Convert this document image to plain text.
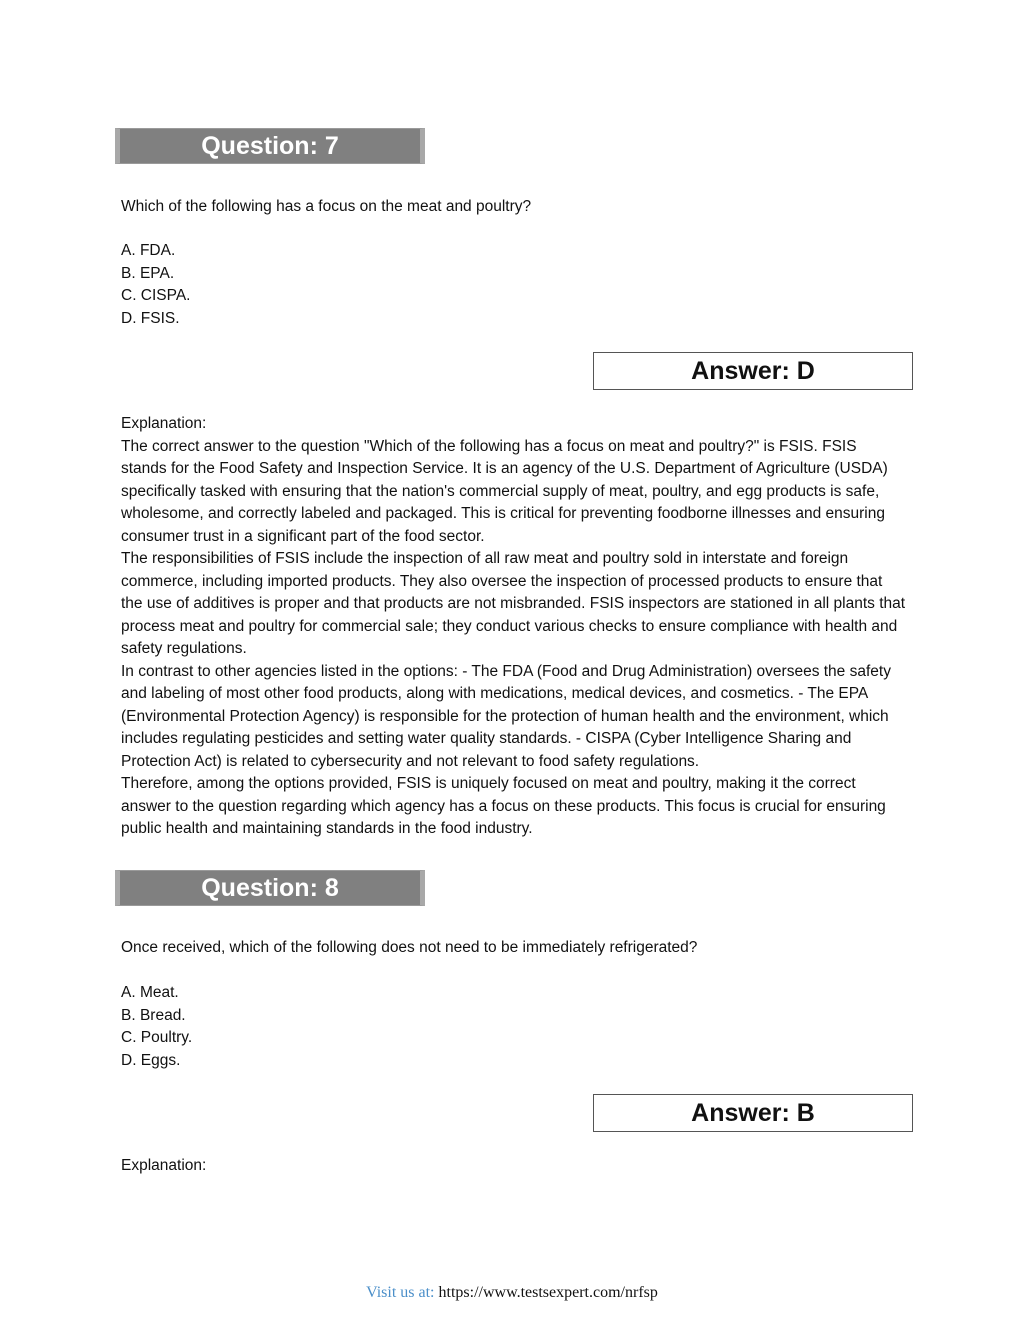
Question: 7
Which of the following has a focus on the meat and poultry?
A. FDA.
B. EPA.
C. CISPA.
D. FSIS.
Answer: D

Explanation:

The correct answer to the question "Which of the following has a focus on meat and poultry?" is FSIS. FSIS stands for the Food Safety and Inspection Service. It is an agency of the U.S. Department of Agriculture (USDA) specifically tasked with ensuring that the nation's commercial supply of meat, poultry, and egg products is safe, wholesome, and correctly labeled and packaged. This is critical for preventing foodborne illnesses and ensuring consumer trust in a significant part of the food sector.

The responsibilities of FSIS include the inspection of all raw meat and poultry sold in interstate and foreign commerce, including imported products. They also oversee the inspection of processed products to ensure that the use of additives is proper and that products are not misbranded. FSIS inspectors are stationed in all plants that process meat and poultry for commercial sale; they conduct various checks to ensure compliance with health and safety regulations.

In contrast to other agencies listed in the options: - The FDA (Food and Drug Administration) oversees the safety and labeling of most other food products, along with medications, medical devices, and cosmetics. - The EPA (Environmental Protection Agency) is responsible for the protection of human health and the environment, which includes regulating pesticides and setting water quality standards. - CISPA (Cyber Intelligence Sharing and Protection Act) is related to cybersecurity and not relevant to food safety regulations.

Therefore, among the options provided, FSIS is uniquely focused on meat and poultry, making it the correct answer to the question regarding which agency has a focus on these products. This focus is crucial for ensuring public health and maintaining standards in the food industry.

Question: 8
Once received, which of the following does not need to be immediately refrigerated?
A. Meat.
B. Bread.
C. Poultry.
D. Eggs.
Answer: B
Explanation:
Visit us at: https://www.testsexpert.com/nrfsp
